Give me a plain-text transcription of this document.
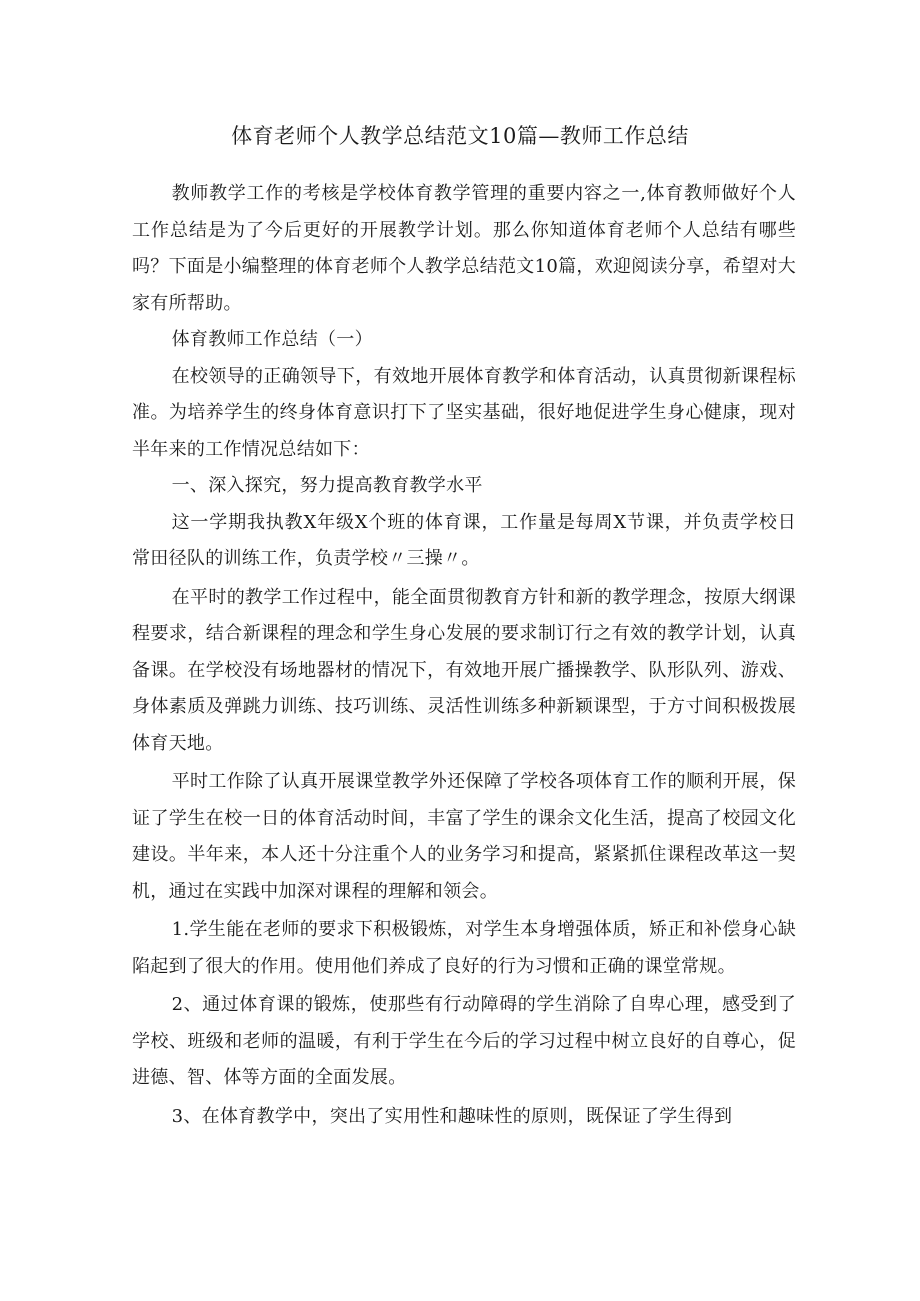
体育老师个人教学总结范文10篇—教师工作总结

教师教学工作的考核是学校体育教学管理的重要内容之一,体育教师做好个人工作总结是为了今后更好的开展教学计划。那么你知道体育老师个人总结有哪些吗？下面是小编整理的体育老师个人教学总结范文10篇，欢迎阅读分享，希望对大家有所帮助。

体育教师工作总结（一）

在校领导的正确领导下，有效地开展体育教学和体育活动，认真贯彻新课程标准。为培养学生的终身体育意识打下了坚实基础，很好地促进学生身心健康，现对半年来的工作情况总结如下：

一、深入探究，努力提高教育教学水平

这一学期我执教X年级X个班的体育课，工作量是每周X节课，并负责学校日常田径队的训练工作，负责学校〃三操〃。

在平时的教学工作过程中，能全面贯彻教育方针和新的教学理念，按原大纲课程要求，结合新课程的理念和学生身心发展的要求制订行之有效的教学计划，认真备课。在学校没有场地器材的情况下，有效地开展广播操教学、队形队列、游戏、身体素质及弹跳力训练、技巧训练、灵活性训练多种新颖课型，于方寸间积极拨展体育天地。

平时工作除了认真开展课堂教学外还保障了学校各项体育工作的顺利开展，保证了学生在校一日的体育活动时间，丰富了学生的课余文化生活，提高了校园文化建设。半年来，本人还十分注重个人的业务学习和提高，紧紧抓住课程改革这一契机，通过在实践中加深对课程的理解和领会。

1.学生能在老师的要求下积极锻炼，对学生本身增强体质，矫正和补偿身心缺陷起到了很大的作用。使用他们养成了良好的行为习惯和正确的课堂常规。

2、通过体育课的锻炼，使那些有行动障碍的学生消除了自卑心理，感受到了学校、班级和老师的温暖，有利于学生在今后的学习过程中树立良好的自尊心，促进德、智、体等方面的全面发展。

3、在体育教学中，突出了实用性和趣味性的原则，既保证了学生得到
